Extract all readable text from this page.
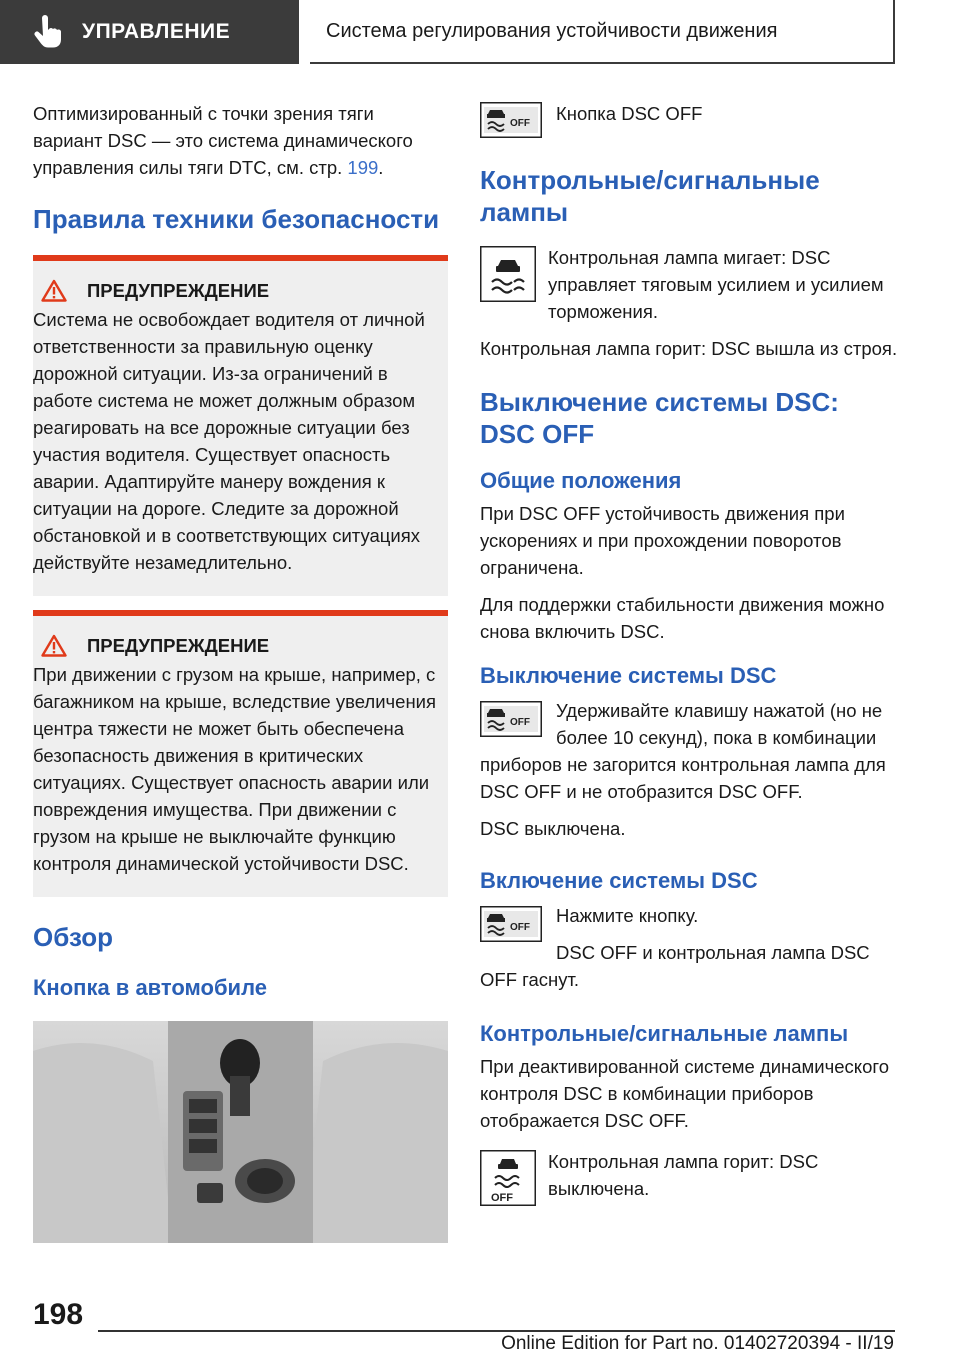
УПРАВЛЕНИЕ	Система регулирования устойчивости движения

Оптимизированный с точки зрения тяги вариант DSC — это система динамического управления силы тяги DTC, см. стр. 199.

Правила техники безопасности
ПРЕДУПРЕЖДЕНИЕ

Система не освобождает водителя от личной ответственности за правильную оценку дорожной ситуации. Из-за ограничений в работе система не может должным образом реагировать на все дорожные ситуации без участия водителя. Существует опасность аварии. Адаптируйте манеру вождения к ситуации на дороге. Следите за дорожной обстановкой и в соответствующих ситуациях действуйте незамедлительно.

ПРЕДУПРЕЖДЕНИЕ

При движении с грузом на крыше, например, с багажником на крыше, вследствие увеличения центра тяжести не может быть обеспечена безопасность движения в критических ситуациях. Существует опасность аварии или повреждения имущества. При движении с грузом на крыше не выключайте функцию контроля динамической устойчивости DSC.

Обзор
Кнопка в автомобиле
OFF Кнопка DSC OFF

Контрольные/сигнальные лампы

Контрольная лампа мигает: DSC управляет тяговым усилием и усилием торможения.

Контрольная лампа горит: DSC вышла из строя.

Выключение системы DSC: DSC OFF
Общие положения

При DSC OFF устойчивость движения при ускорениях и при прохождении поворотов ограничена.

Для поддержки стабильности движения можно снова включить DSC.

Выключение системы DSC
OFF

Удерживайте клавишу нажатой (но не более 10 секунд), пока в комбинации приборов не загорится контрольная лампа для DSC OFF и не отобразится DSC OFF.

DSC выключена.

Включение системы DSC
OFF

Нажмите кнопку.

DSC OFF и контрольная лампа DSC OFF гаснут.

Контрольные/сигнальные лампы

При деактивированной системе динамического контроля DSC в комбинации приборов отображается DSC OFF.

OFF

Контрольная лампа горит: DSC выключена.

198
Online Edition for Part no. 01402720394 - II/19
